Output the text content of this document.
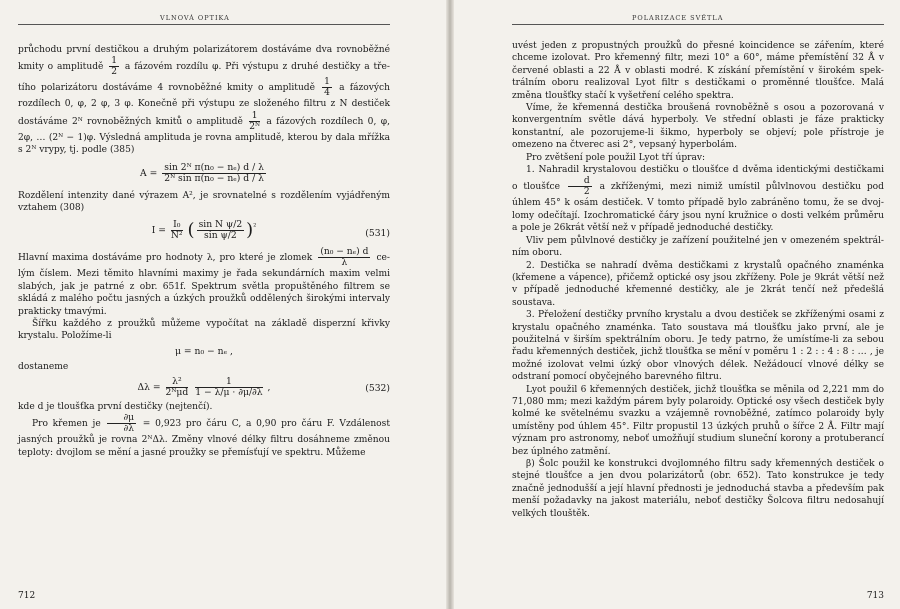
VLNOVÁ OPTIKA

průchodu první destičkou a druhým polarizátorem dostáváme dva rovnoběžné kmity o amplitudě $\frac{1}{2}$ a fázovém rozdílu φ. Při výstupu z druhé destičky a třetího polarizátoru dostáváme 4 rovnoběžné kmity o amplitudě $\frac{1}{4}$ a fázových rozdílech 0, φ, 2 φ, 3 φ. Konečně při výstupu ze složeného filtru z N destiček dostáváme 2ᴺ rovnoběžných kmitů o amplitudě $\frac{1}{\text{2ᴺ}}$ a fázových rozdílech 0, φ, 2φ, … (2ᴺ − 1)φ. Výsledná amplituda je rovna amplitudě, kterou by dala mřížka s 2ᴺ vrypy, tj. podle (385)

$A = \frac{\text{sin 2ᴺ π(n₀ − nₑ) d / λ}}{\text{2ᴺ sin π(n₀ − nₑ) d / λ}}$

Rozdělení intenzity dané výrazem A², je srovnatelné s rozdělením vyjádřeným vztahem (308)

$I = \frac{\text{I₀}}{\text{N²}}$ ( $\frac{\text{sin N ψ/2}}{\text{sin ψ/2}} )^{^2}$
(531)

Hlavní maxima dostáváme pro hodnoty λ, pro které je zlomek $\frac{\text{(n₀ − nₑ) d}}{\lambda}$ celým číslem. Mezi těmito hlavními maximy je řada sekundárních maxim velmi slabých, jak je patrné z obr. 651f. Spektrum světla propuštěného filtrem se skládá z malého počtu jasných a úzkých proužků oddělených širokými intervaly prakticky tmavými.

Šířku každého z proužků můžeme vypočítat na základě disperzní křivky krystalu. Položíme-li

μ = n₀ − nₑ ,

dostaneme

$\Delta\lambda = \frac{\text{λ²}}{\text{2ᴺμd}}$
$\frac{1}{1 - \lambda/\mu \cdot \partial\mu/\partial\lambda}$ ,	(532)

kde d je tloušťka první destičky (nejtenčí).

Pro křemen je $\frac{\partial\mu}{\partial\lambda} = 0,923$ pro čáru C, a 0,90 pro čáru F. Vzdálenost jasných proužků je rovna 2ᴺΔλ. Změny vlnové délky filtru dosáhneme změnou teploty: dvojlom se mění a jasné proužky se přemísťují ve spektru. Můžeme

712
POLARIZACE SVĚTLA

uvést jeden z propustných proužků do přesné koincidence se zářením, které chceme izolovat. Pro křemenný filtr, mezi 10° a 60°, máme přemístění 32 Å v červené oblasti a 22 Å v oblasti modré. K získání přemístění v širokém spektrálním oboru realizoval Lyot filtr s destičkami o proměnné tloušťce. Malá změna tloušťky stačí k vyšetření celého spektra.

Víme, že křemenná destička broušená rovnoběžně s osou a pozorovaná v konvergentním světle dává hyperboly. Ve střední oblasti je fáze prakticky konstantní, ale pozorujeme-li šikmo, hyperboly se objeví; pole přístroje je omezeno na čtverec asi 2°, vepsaný hyperbolám.

Pro zvětšení pole použil Lyot tří úprav:

1. Nahradil krystalovou destičku o tloušťce d dvěma identickými destičkami o tloušťce $\frac{d}{2}$ a zkříženými, mezi nimiž umístil půlvlnovou destičku pod úhlem 45° k osám destiček. V tomto případě bylo zabráněno tomu, že se dvojlomy odečítají. Izochromatické čáry jsou nyní kružnice o dosti velkém průměru a pole je 26krát větší než v případě jednoduché destičky.

Vliv pem půlvlnové destičky je zařízení použitelné jen v omezeném spektrálním oboru.

2. Destička se nahradí dvěma destičkami z krystalů opačného znaménka (křemene a vápence), přičemž optické osy jsou zkříženy. Pole je 9krát větší než v případě jednoduché křemenné destičky, ale je 2krát tenčí než předešlá soustava.

3. Přeložení destičky prvního krystalu a dvou destiček se zkříženými osami z krystalu opačného znaménka. Tato soustava má tloušťku jako první, ale je použitelná v širším spektrálním oboru. Je tedy patrno, že umístíme-li za sebou řadu křemenných destiček, jichž tloušťka se mění v poměru 1 : 2 : : 4 : 8 : … , je možné izolovat velmi úzký obor vlnových délek. Nežádoucí vlnové délky se odstraní pomocí obyčejného barevného filtru.

Lyot použil 6 křemenných destiček, jichž tloušťka se měnila od 2,221 mm do 71,080 mm; mezi každým párem byly polaroidy. Optické osy všech destiček byly kolmé ke světelnému svazku a vzájemně rovnoběžné, zatímco polaroidy byly umístěny pod úhlem 45°. Filtr propustil 13 úzkých pruhů o šířce 2 Å. Filtr mají význam pro astronomy, neboť umožňují studium sluneční korony a protuberancí bez úplného zatmění.

β) Šolc použil ke konstrukci dvojlomného filtru sady křemenných destiček o stejné tloušťce a jen dvou polarizátorů (obr. 652). Tato konstrukce je tedy značně jednodušší a její hlavní přednosti je jednoduchá stavba a především pak menší požadavky na jakost materiálu, neboť destičky Šolcova filtru nedosahují velkých tlouštěk.

713
